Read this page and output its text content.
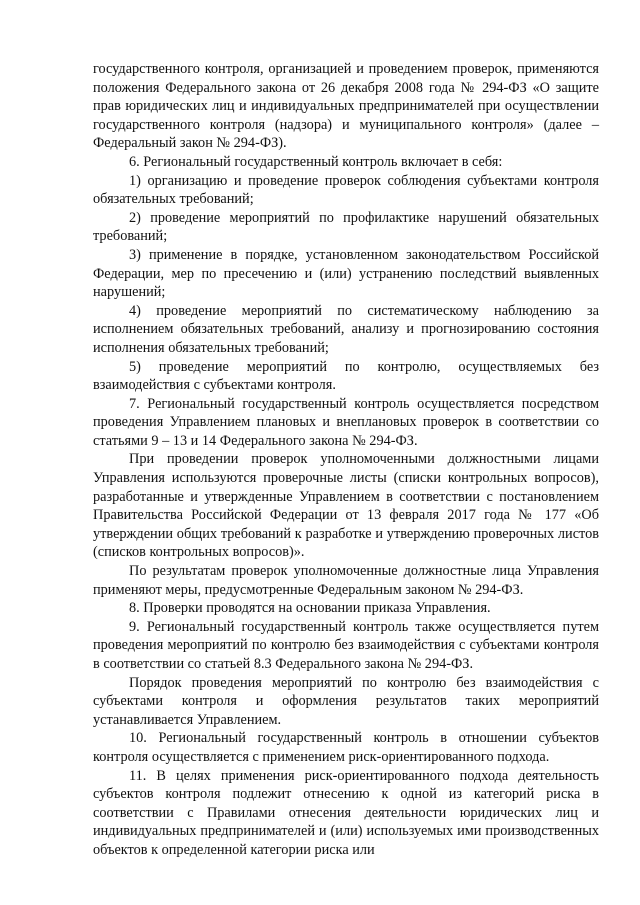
государственного контроля, организацией и проведением проверок, применяются положения Федерального закона от 26 декабря 2008 года № 294-ФЗ «О защите прав юридических лиц и индивидуальных предпринимателей при осуществлении государственного контроля (надзора) и муниципального контроля» (далее – Федеральный закон № 294-ФЗ).

6. Региональный государственный контроль включает в себя:

1) организацию и проведение проверок соблюдения субъектами контроля обязательных требований;

2) проведение мероприятий по профилактике нарушений обязательных требований;

3) применение в порядке, установленном законодательством Российской Федерации, мер по пресечению и (или) устранению последствий выявленных нарушений;

4) проведение мероприятий по систематическому наблюдению за исполнением обязательных требований, анализу и прогнозированию состояния исполнения обязательных требований;

5) проведение мероприятий по контролю, осуществляемых без взаимодействия с субъектами контроля.

7. Региональный государственный контроль осуществляется посредством проведения Управлением плановых и внеплановых проверок в соответствии со статьями 9 – 13 и 14 Федерального закона № 294-ФЗ.

При проведении проверок уполномоченными должностными лицами Управления используются проверочные листы (списки контрольных вопросов), разработанные и утвержденные Управлением в соответствии с постановлением Правительства Российской Федерации от 13 февраля 2017 года № 177 «Об утверждении общих требований к разработке и утверждению проверочных листов (списков контрольных вопросов)».

По результатам проверок уполномоченные должностные лица Управления применяют меры, предусмотренные Федеральным законом № 294-ФЗ.

8. Проверки проводятся на основании приказа Управления.

9. Региональный государственный контроль также осуществляется путем проведения мероприятий по контролю без взаимодействия с субъектами контроля в соответствии со статьей 8.3 Федерального закона № 294-ФЗ.

Порядок проведения мероприятий по контролю без взаимодействия с субъектами контроля и оформления результатов таких мероприятий устанавливается Управлением.

10. Региональный государственный контроль в отношении субъектов контроля осуществляется с применением риск-ориентированного подхода.

11. В целях применения риск-ориентированного подхода деятельность субъектов контроля подлежит отнесению к одной из категорий риска в соответствии с Правилами отнесения деятельности юридических лиц и индивидуальных предпринимателей и (или) используемых ими производственных объектов к определенной категории риска или
